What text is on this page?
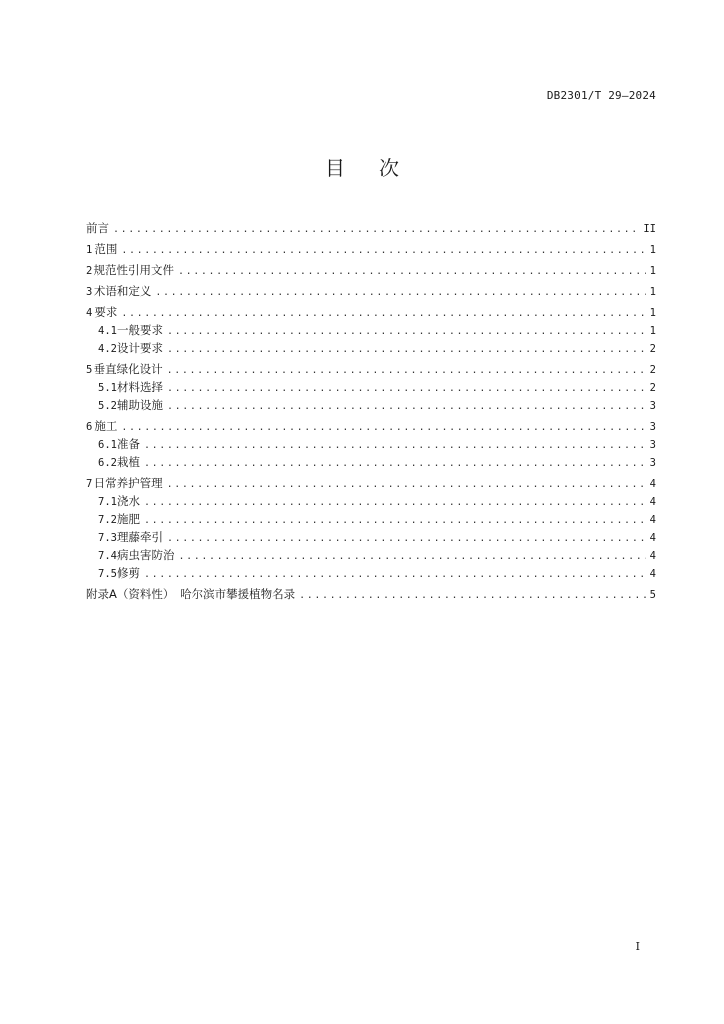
DB2301/T 29—2024
目 次
前言 .....	II
1 范围 .....	1
2 规范性引用文件 .....	1
3 术语和定义 .....	1
4 要求 .....	1
4.1 一般要求 .....	1
4.2 设计要求 .....	2
5 垂直绿化设计 .....	2
5.1 材料选择 .....	2
5.2 辅助设施 .....	3
6 施工 .....	3
6.1 准备 .....	3
6.2 栽植 .....	3
7 日常养护管理 .....	4
7.1 浇水 .....	4
7.2 施肥 .....	4
7.3 理藤牵引 .....	4
7.4 病虫害防治 .....	4
7.5 修剪 .....	4
附录A（资料性）　哈尔滨市攀援植物名录 .....	5
I
